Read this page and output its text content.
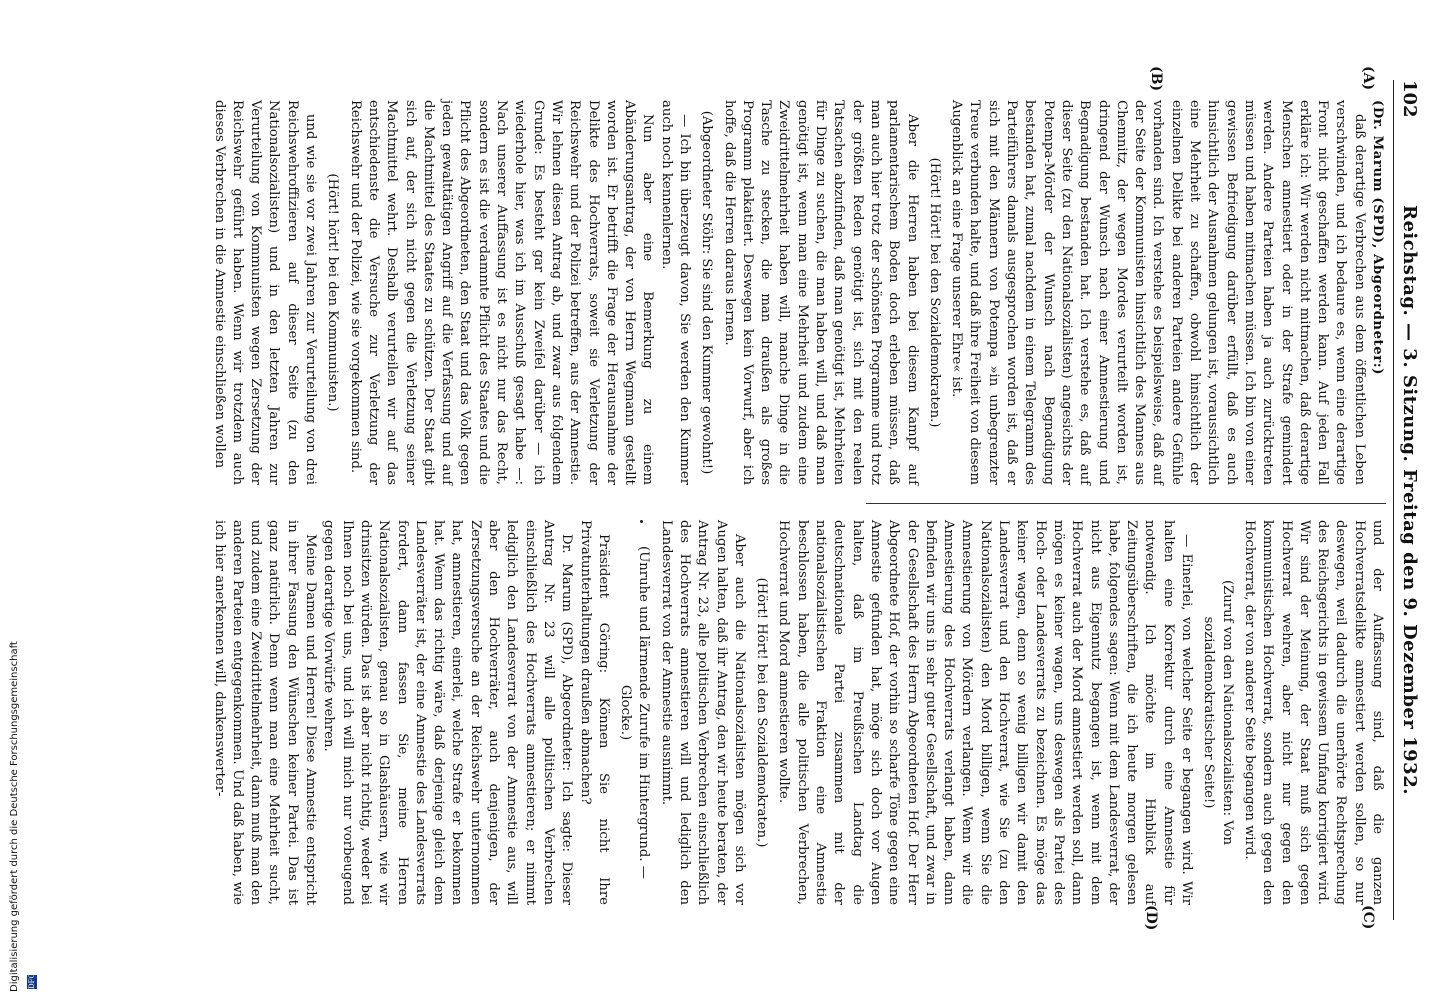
102
Reichstag. — 3. Sitzung. Freitag den 9. Dezember 1932.
(A)
(B)
(C)
(D)

(Dr. Marum (SPD), Abgeordneter:)

daß derartige Verbrechen aus dem öffentlichen Leben verschwinden, und ich bedaure es, wenn eine derartige Front nicht geschaffen werden kann. Auf jeden Fall erkläre ich: Wir werden nicht mitmachen, daß derartige Menschen amnestiert oder in der Strafe gemindert werden. Andere Parteien haben ja auch zurücktreten müssen und haben mitmachen müssen. Ich bin von einer gewissen Befriedigung darüber erfüllt, daß es auch hinsichtlich der Ausnahmen gelungen ist, voraussichtlich eine Mehrheit zu schaffen, obwohl hinsichtlich der einzelnen Delikte bei anderen Parteien andere Gefühle vorhanden sind. Ich verstehe es beispielsweise, daß auf der Seite der Kommunisten hinsichtlich des Mannes aus Chemnitz, der wegen Mordes verurteilt worden ist, dringend der Wunsch nach einer Amnestierung und Begnadigung bestanden hat. Ich verstehe es, daß auf dieser Seite (zu den Nationalsozialisten) angesichts der Potempa-Mörder der Wunsch nach Begnadigung bestanden hat, zumal nachdem in einem Telegramm des Parteiführers damals ausgesprochen worden ist, daß er sich mit den Männern von Potempa »in unbegrenzter Treue verbunden halte, und daß ihre Freiheit von diesem Augenblick an eine Frage unserer Ehre« ist.

(Hört! Hört! bei den Sozialdemokraten.)

Aber die Herren haben bei diesem Kampf auf parlamentarischem Boden doch erleben müssen, daß man auch hier trotz der schönsten Programme und trotz der größten Reden genötigt ist, sich mit den realen Tatsachen abzufinden, daß man genötigt ist, Mehrheiten für Dinge zu suchen, die man haben will, und daß man genötigt ist, wenn man eine Mehrheit und zudem eine Zweidrittelmehrheit haben will, manche Dinge in die Tasche zu stecken, die man draußen als großes Programm plakatiert. Deswegen kein Vorwurf, aber ich hoffe, daß die Herren daraus lernen.

(Abgeordneter Stöhr: Sie sind den Kummer gewohnt!)

— Ich bin überzeugt davon, Sie werden den Kummer auch noch kennenlernen.

Nun aber eine Bemerkung zu einem Abänderungsantrag, der von Herrn Wegmann gestellt worden ist. Er betrifft die Frage der Herausnahme der Delikte des Hochverrats, soweit sie Verletzung der Reichswehr und der Polizei betreffen, aus der Amnestie. Wir lehnen diesen Antrag ab, und zwar aus folgendem Grunde: Es besteht gar kein Zweifel darüber — ich wiederhole hier, was ich im Ausschuß gesagt habe —: Nach unserer Auffassung ist es nicht nur das Recht, sondern es ist die verdammte Pflicht des Staates und die Pflicht des Abgeordneten, den Staat und das Volk gegen jeden gewalttätigen Angriff auf die Verfassung und auf die Machtmittel des Staates zu schützen. Der Staat gibt sich auf, der sich nicht gegen die Verletzung seiner Machtmittel wehrt. Deshalb verurteilen wir auf das entschiedenste die Versuche zur Verletzung der Reichswehr und der Polizei, wie sie vorgekommen sind.

(Hört! hört! bei den Kommunisten.)

und wie sie vor zwei Jahren zur Verurteilung von drei Reichswehroffizieren auf dieser Seite (zu den Nationalsozialisten) und in den letzten Jahren zur Verurteilung von Kommunisten wegen Zersetzung der Reichswehr geführt haben. Wenn wir trotzdem auch dieses Verbrechen in die Amnestie einschließen wollen

und der Auffassung sind, daß die ganzen Hochverratsdelikte amnestiert werden sollen, so nur deswegen, weil dadurch die unerhörte Rechtsprechung des Reichsgerichts in gewissem Umfang korrigiert wird. Wir sind der Meinung, der Staat muß sich gegen Hochverrat wehren, aber nicht nur gegen den kommunistischen Hochverrat, sondern auch gegen den Hochverrat, der von anderer Seite begangen wird.

(Zuruf von den Nationalsozialisten: Von sozialdemokratischer Seite!)

— Einerlei, von welcher Seite er begangen wird. Wir halten eine Korrektur durch eine Amnestie für notwendig. Ich möchte im Hinblick auf Zeitungsüberschriften, die ich heute morgen gelesen habe, folgendes sagen: Wenn mit dem Landesverrat, der nicht aus Eigennutz begangen ist, wenn mit dem Hochverrat auch der Mord amnestiert werden soll, dann mögen es keiner wagen, uns deswegen als Partei des Hoch- oder Landesverrats zu bezeichnen. Es möge das keiner wagen, denn so wenig billigen wir damit den Landesverrat und den Hochverrat, wie Sie (zu den Nationalsozialisten) den Mord billigen, wenn Sie die Amnestierung von Mördern verlangen. Wenn wir die Amnestierung des Hochverrats verlangt haben, dann befinden wir uns in sehr guter Gesellschaft, und zwar in der Gesellschaft des Herrn Abgeordneten Hof. Der Herr Abgeordnete Hof, der vorhin so scharfe Töne gegen eine Amnestie gefunden hat, möge sich doch vor Augen halten, daß im Preußischen Landtag die deutschnationale Partei zusammen mit der nationalsozialistischen Fraktion eine Amnestie beschlossen haben, die alle politischen Verbrechen, Hochverrat und Mord amnestieren wollte.

(Hört! Hört! bei den Sozialdemokraten.)

Aber auch die Nationalsozialisten mögen sich vor Augen halten, daß ihr Antrag, den wir heute beraten, der Antrag Nr. 23, alle politischen Verbrechen einschließlich des Hochverrats amnestieren will und lediglich den Landesverrat von der Amnestie ausnimmt.

(Unruhe und lärmende Zurufe im Hintergrund. — Glocke.)

Präsident Göring: Können Sie nicht Ihre Privatunterhaltungen draußen abmachen?

Dr. Marum (SPD), Abgeordneter: Ich sagte: Dieser Antrag Nr. 23 will alle politischen Verbrechen einschließlich des Hochverrats amnestieren; er nimmt lediglich den Landesverrat von der Amnestie aus, will aber den Hochverräter, auch denjenigen, der Zersetzungsversuche an der Reichswehr unternommen hat, amnestieren, einerlei, welche Strafe er bekommen hat. Wenn das richtig wäre, daß derjenige gleich dem Landesverräter ist, der eine Amnestie des Landesverrats fordert, dann fassen Sie, meine Herren Nationalsozialisten, genau so in Glashäusern, wie wir drinsitzen würden. Das ist aber nicht richtig, weder bei Ihnen noch bei uns, und ich will mich nur vorbeugend gegen derartige Vorwürfe wehren.

Meine Damen und Herren! Diese Amnestie entspricht in ihrer Fassung den Wünschen keiner Partei. Das ist ganz natürlich. Denn wenn man eine Mehrheit sucht, und zudem eine Zweidrittelmehrheit, dann muß man den anderen Parteien entgegenkommen. Und daß haben, wie ich hier anerkennen will, dankenswerter-

Digitalisierung gefördert durch die Deutsche Forschungsgemeinschaft DFG
